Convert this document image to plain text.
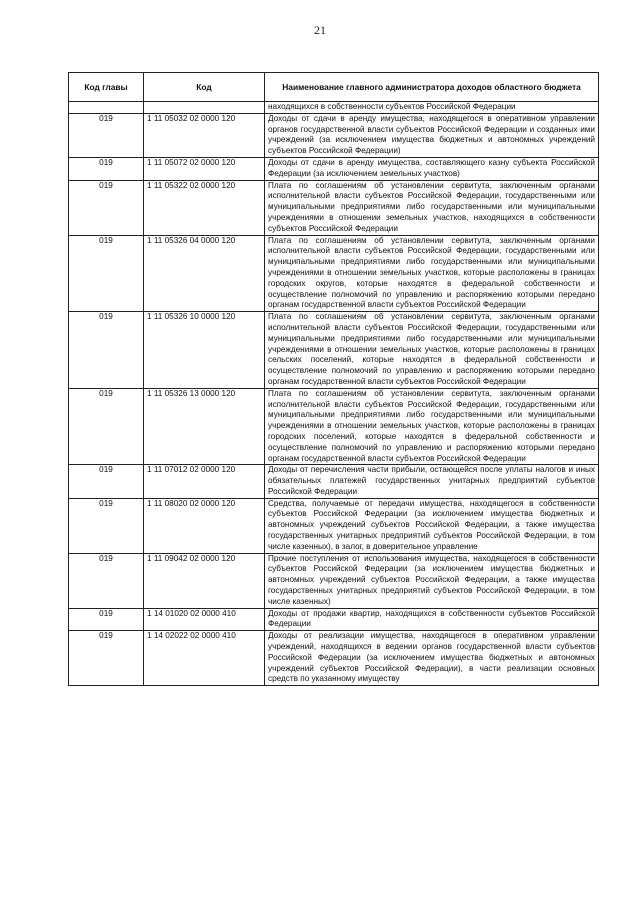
21
Код главы	Код	Наименование главного администратора доходов областного бюджета
		находящихся в собственности субъектов Российской Федерации
019	1 11 05032 02 0000 120	Доходы от сдачи в аренду имущества, находящегося в оперативном управлении органов государственной власти субъектов Российской Федерации и созданных ими учреждений (за исключением имущества бюджетных и автономных учреждений субъектов Российской Федерации)
019	1 11 05072 02 0000 120	Доходы от сдачи в аренду имущества, составляющего казну субъекта Российской Федерации (за исключением земельных участков)
019	1 11 05322 02 0000 120	Плата по соглашениям об установлении сервитута, заключенным органами исполнительной власти субъектов Российской Федерации, государственными или муниципальными предприятиями либо государственными или муниципальными учреждениями в отношении земельных участков, находящихся в собственности субъектов Российской Федерации
019	1 11 05326 04 0000 120	Плата по соглашениям об установлении сервитута, заключенным органами исполнительной власти субъектов Российской Федерации, государственными или муниципальными предприятиями либо государственными или муниципальными учреждениями в отношении земельных участков, которые расположены в границах городских округов, которые находятся в федеральной собственности и осуществление полномочий по управлению и распоряжению которыми передано органам государственной власти субъектов Российской Федерации
019	1 11 05326 10 0000 120	Плата по соглашениям об установлении сервитута, заключенным органами исполнительной власти субъектов Российской Федерации, государственными или муниципальными предприятиями либо государственными или муниципальными учреждениями в отношении земельных участков, которые расположены в границах сельских поселений, которые находятся в федеральной собственности и осуществление полномочий по управлению и распоряжению которыми передано органам государственной власти субъектов Российской Федерации
019	1 11 05326 13 0000 120	Плата по соглашениям об установлении сервитута, заключенным органами исполнительной власти субъектов Российской Федерации, государственными или муниципальными предприятиями либо государственными или муниципальными учреждениями в отношении земельных участков, которые расположены в границах городских поселений, которые находятся в федеральной собственности и осуществление полномочий по управлению и распоряжению которыми передано органам государственной власти субъектов Российской Федерации
019	1 11 07012 02 0000 120	Доходы от перечисления части прибыли, остающейся после уплаты налогов и иных обязательных платежей государственных унитарных предприятий субъектов Российской Федерации
019	1 11 08020 02 0000 120	Средства, получаемые от передачи имущества, находящегося в собственности субъектов Российской Федерации (за исключением имущества бюджетных и автономных учреждений субъектов Российской Федерации, а также имущества государственных унитарных предприятий субъектов Российской Федерации, в том числе казенных), в залог, в доверительное управление
019	1 11 09042 02 0000 120	Прочие поступления от использования имущества, находящегося в собственности субъектов Российской Федерации (за исключением имущества бюджетных и автономных учреждений субъектов Российской Федерации, а также имущества государственных унитарных предприятий субъектов Российской Федерации, в том числе казенных)
019	1 14 01020 02 0000 410	Доходы от продажи квартир, находящихся в собственности субъектов Российской Федерации
019	1 14 02022 02 0000 410	Доходы от реализации имущества, находящегося в оперативном управлении учреждений, находящихся в ведении органов государственной власти субъектов Российской Федерации (за исключением имущества бюджетных и автономных учреждений субъектов Российской Федерации), в части реализации основных средств по указанному имуществу
